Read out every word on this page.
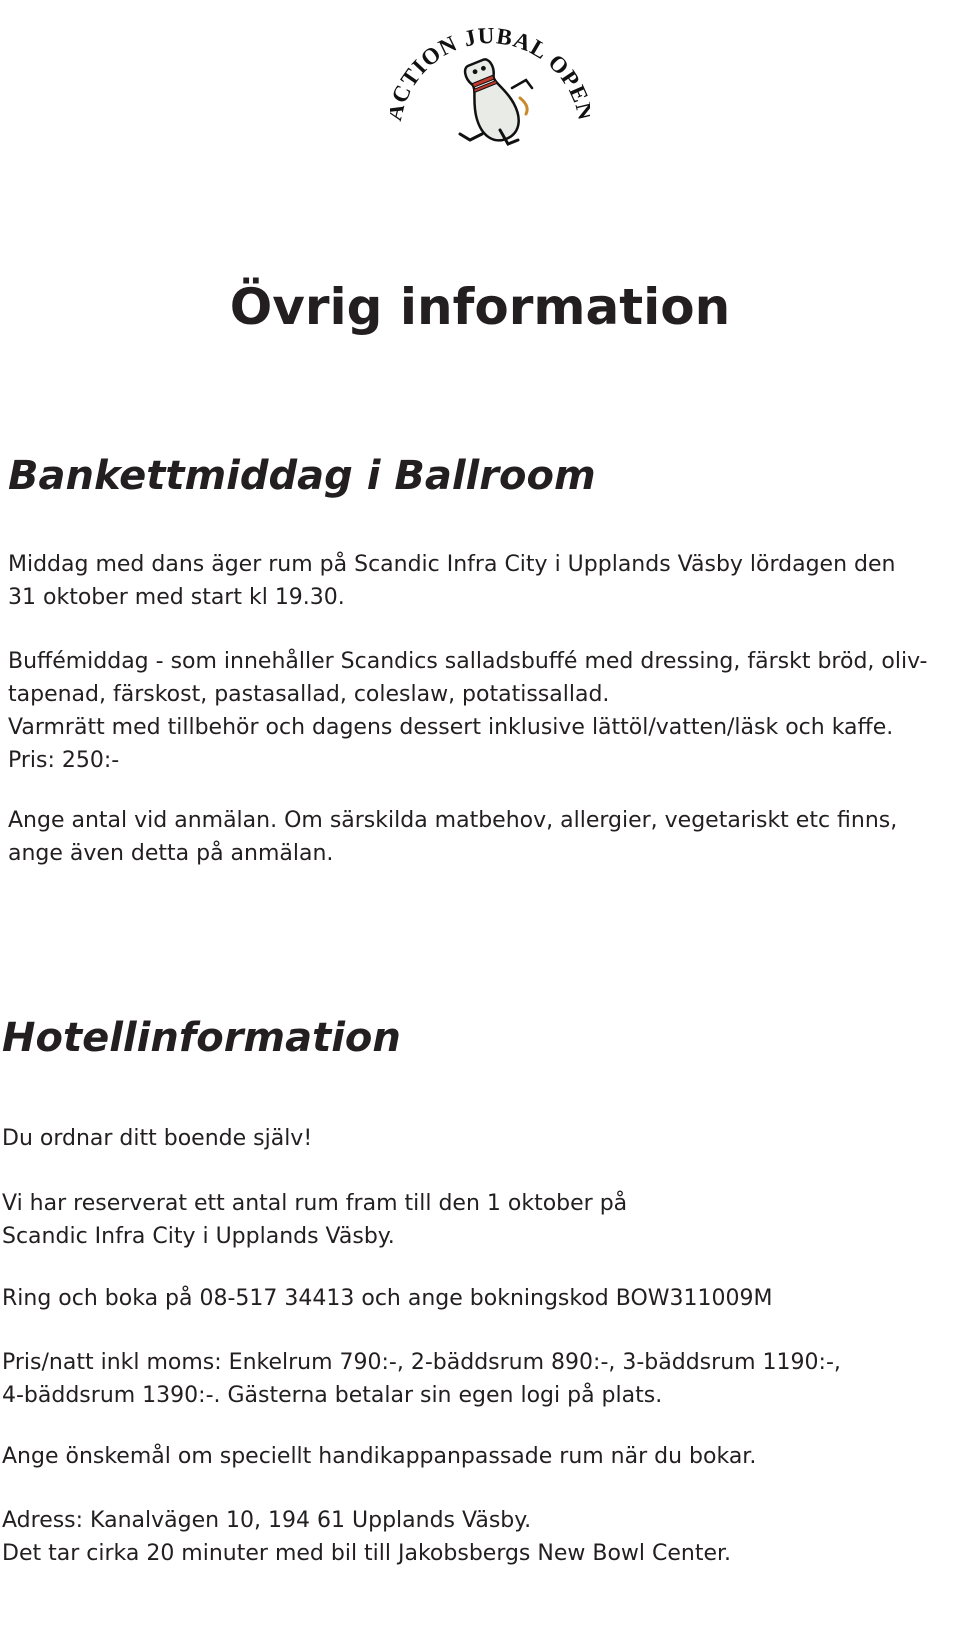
TION JUBAL OP
Övrig information
Bankettmiddag i Ballroom

Middag med dans äger rum på Scandic Infra City i Upplands Väsby lördagen den
31 oktober med start kl 19.30.

Buffémiddag - som innehåller Scandics salladsbuffé med dressing, färskt bröd, oliv-
tapenad, färskost, pastasallad, coleslaw, potatissallad.
Varmrätt med tillbehör och dagens dessert inklusive lättöl/vatten/läsk och kaffe.
Pris: 250:-

Ange antal vid anmälan. Om särskilda matbehov, allergier, vegetariskt etc finns,
ange även detta på anmälan.

Hotellinformation

Du ordnar ditt boende själv!

Vi har reserverat ett antal rum fram till den 1 oktober på
Scandic Infra City i Upplands Väsby.

Ring och boka på 08-517 34413 och ange bokningskod BOW311009M

Pris/natt inkl moms: Enkelrum 790:-, 2-bäddsrum 890:-, 3-bäddsrum 1190:-,
4-bäddsrum 1390:-. Gästerna betalar sin egen logi på plats.

Ange önskemål om speciellt handikappanpassade rum när du bokar.

Adress: Kanalvägen 10, 194 61 Upplands Väsby.
Det tar cirka 20 minuter med bil till Jakobsbergs New Bowl Center.
